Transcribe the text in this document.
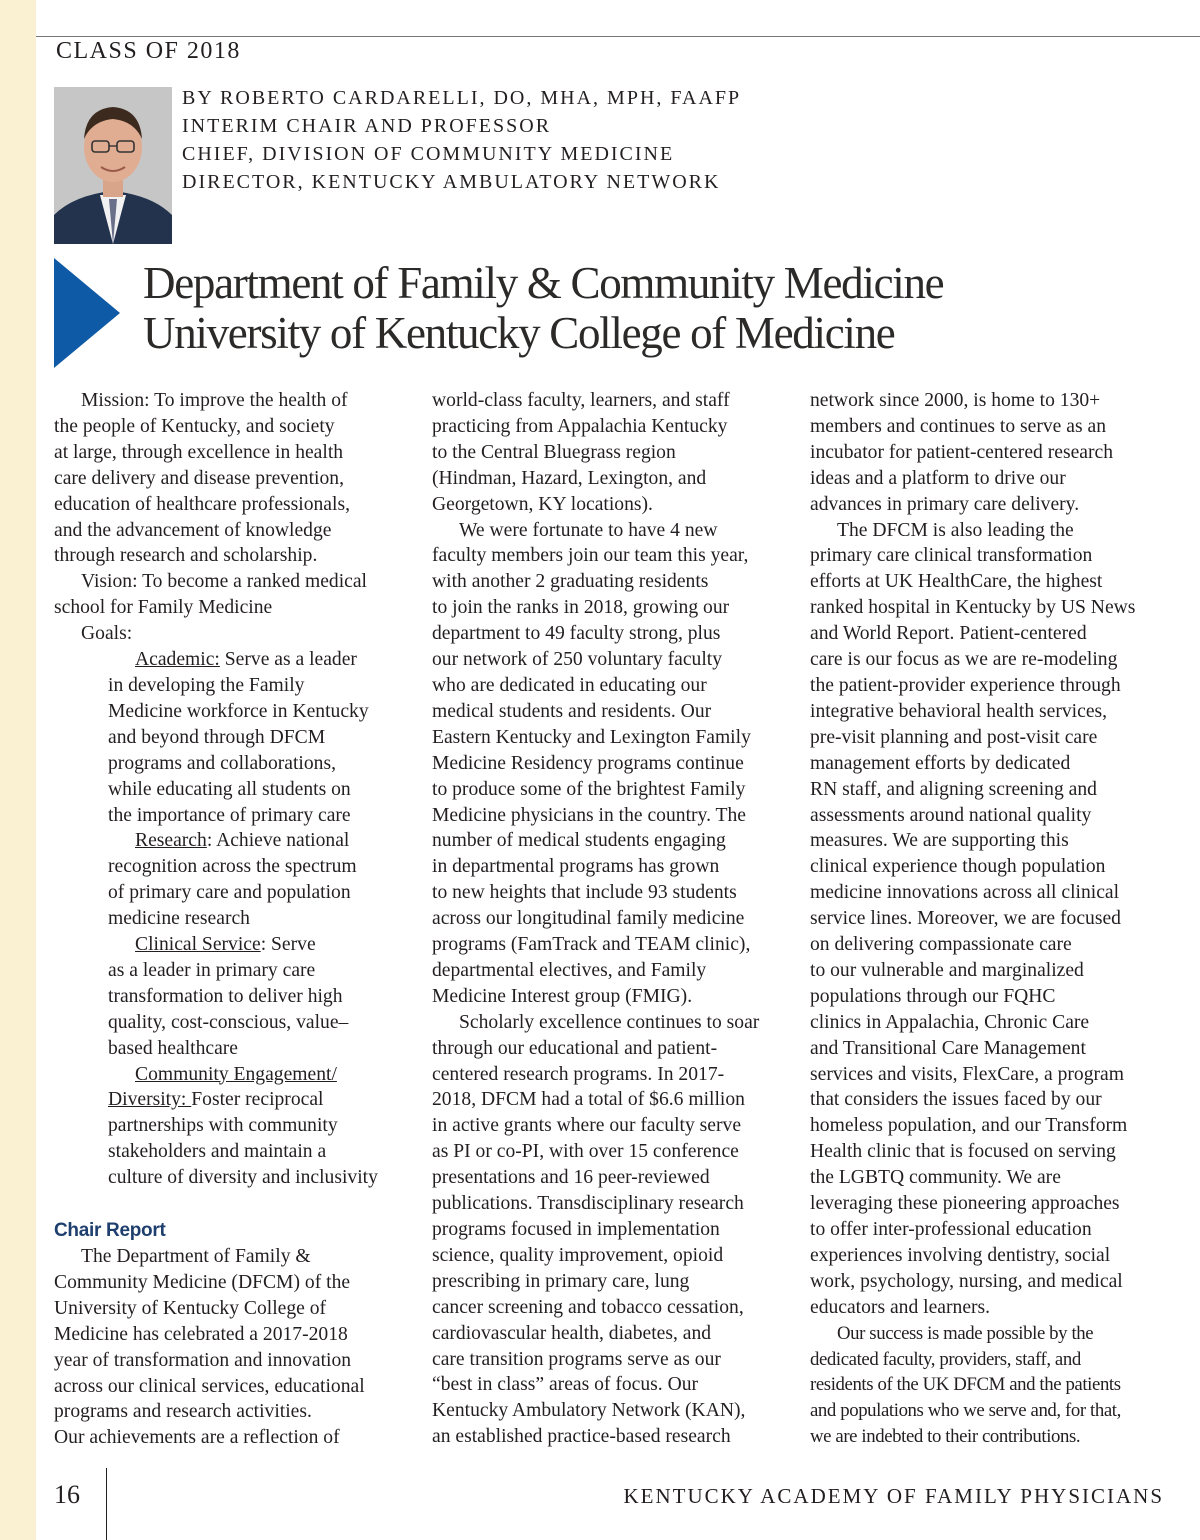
CLASS OF 2018
BY ROBERTO CARDARELLI, DO, MHA, MPH, FAAFP
INTERIM CHAIR AND PROFESSOR
CHIEF, DIVISION OF COMMUNITY MEDICINE
DIRECTOR, KENTUCKY AMBULATORY NETWORK
Department of Family & Community Medicine
University of Kentucky College of Medicine
Mission: To improve the health of
the people of Kentucky, and society
at large, through excellence in health
care delivery and disease prevention,
education of healthcare professionals,
and the advancement of knowledge
through research and scholarship.
Vision: To become a ranked medical
school for Family Medicine
Goals:
Academic: Serve as a leader
in developing the Family
Medicine workforce in Kentucky
and beyond through DFCM
programs and collaborations,
while educating all students on
the importance of primary care
Research: Achieve national
recognition across the spectrum
of primary care and population
medicine research
Clinical Service: Serve
as a leader in primary care
transformation to deliver high
quality, cost-conscious, value–
based healthcare
Community Engagement/
Diversity: Foster reciprocal
partnerships with community
stakeholders and maintain a
culture of diversity and inclusivity
Chair Report
The Department of Family &
Community Medicine (DFCM) of the
University of Kentucky College of
Medicine has celebrated a 2017-2018
year of transformation and innovation
across our clinical services, educational
programs and research activities.
Our achievements are a reflection of
world-class faculty, learners, and staff
practicing from Appalachia Kentucky
to the Central Bluegrass region
(Hindman, Hazard, Lexington, and
Georgetown, KY locations).
We were fortunate to have 4 new
faculty members join our team this year,
with another 2 graduating residents
to join the ranks in 2018, growing our
department to 49 faculty strong, plus
our network of 250 voluntary faculty
who are dedicated in educating our
medical students and residents. Our
Eastern Kentucky and Lexington Family
Medicine Residency programs continue
to produce some of the brightest Family
Medicine physicians in the country. The
number of medical students engaging
in departmental programs has grown
to new heights that include 93 students
across our longitudinal family medicine
programs (FamTrack and TEAM clinic),
departmental electives, and Family
Medicine Interest group (FMIG).
Scholarly excellence continues to soar
through our educational and patient-
centered research programs. In 2017-
2018, DFCM had a total of $6.6 million
in active grants where our faculty serve
as PI or co-PI, with over 15 conference
presentations and 16 peer-reviewed
publications. Transdisciplinary research
programs focused in implementation
science, quality improvement, opioid
prescribing in primary care, lung
cancer screening and tobacco cessation,
cardiovascular health, diabetes, and
care transition programs serve as our
“best in class” areas of focus. Our
Kentucky Ambulatory Network (KAN),
an established practice-based research
network since 2000, is home to 130+
members and continues to serve as an
incubator for patient-centered research
ideas and a platform to drive our
advances in primary care delivery.
The DFCM is also leading the
primary care clinical transformation
efforts at UK HealthCare, the highest
ranked hospital in Kentucky by US News
and World Report. Patient-centered
care is our focus as we are re-modeling
the patient-provider experience through
integrative behavioral health services,
pre-visit planning and post-visit care
management efforts by dedicated
RN staff, and aligning screening and
assessments around national quality
measures. We are supporting this
clinical experience though population
medicine innovations across all clinical
service lines. Moreover, we are focused
on delivering compassionate care
to our vulnerable and marginalized
populations through our FQHC
clinics in Appalachia, Chronic Care
and Transitional Care Management
services and visits, FlexCare, a program
that considers the issues faced by our
homeless population, and our Transform
Health clinic that is focused on serving
the LGBTQ community. We are
leveraging these pioneering approaches
to offer inter-professional education
experiences involving dentistry, social
work, psychology, nursing, and medical
educators and learners.
Our success is made possible by the
dedicated faculty, providers, staff, and
residents of the UK DFCM and the patients
and populations who we serve and, for that,
we are indebted to their contributions.
16	KENTUCKY ACADEMY OF FAMILY PHYSICIANS
